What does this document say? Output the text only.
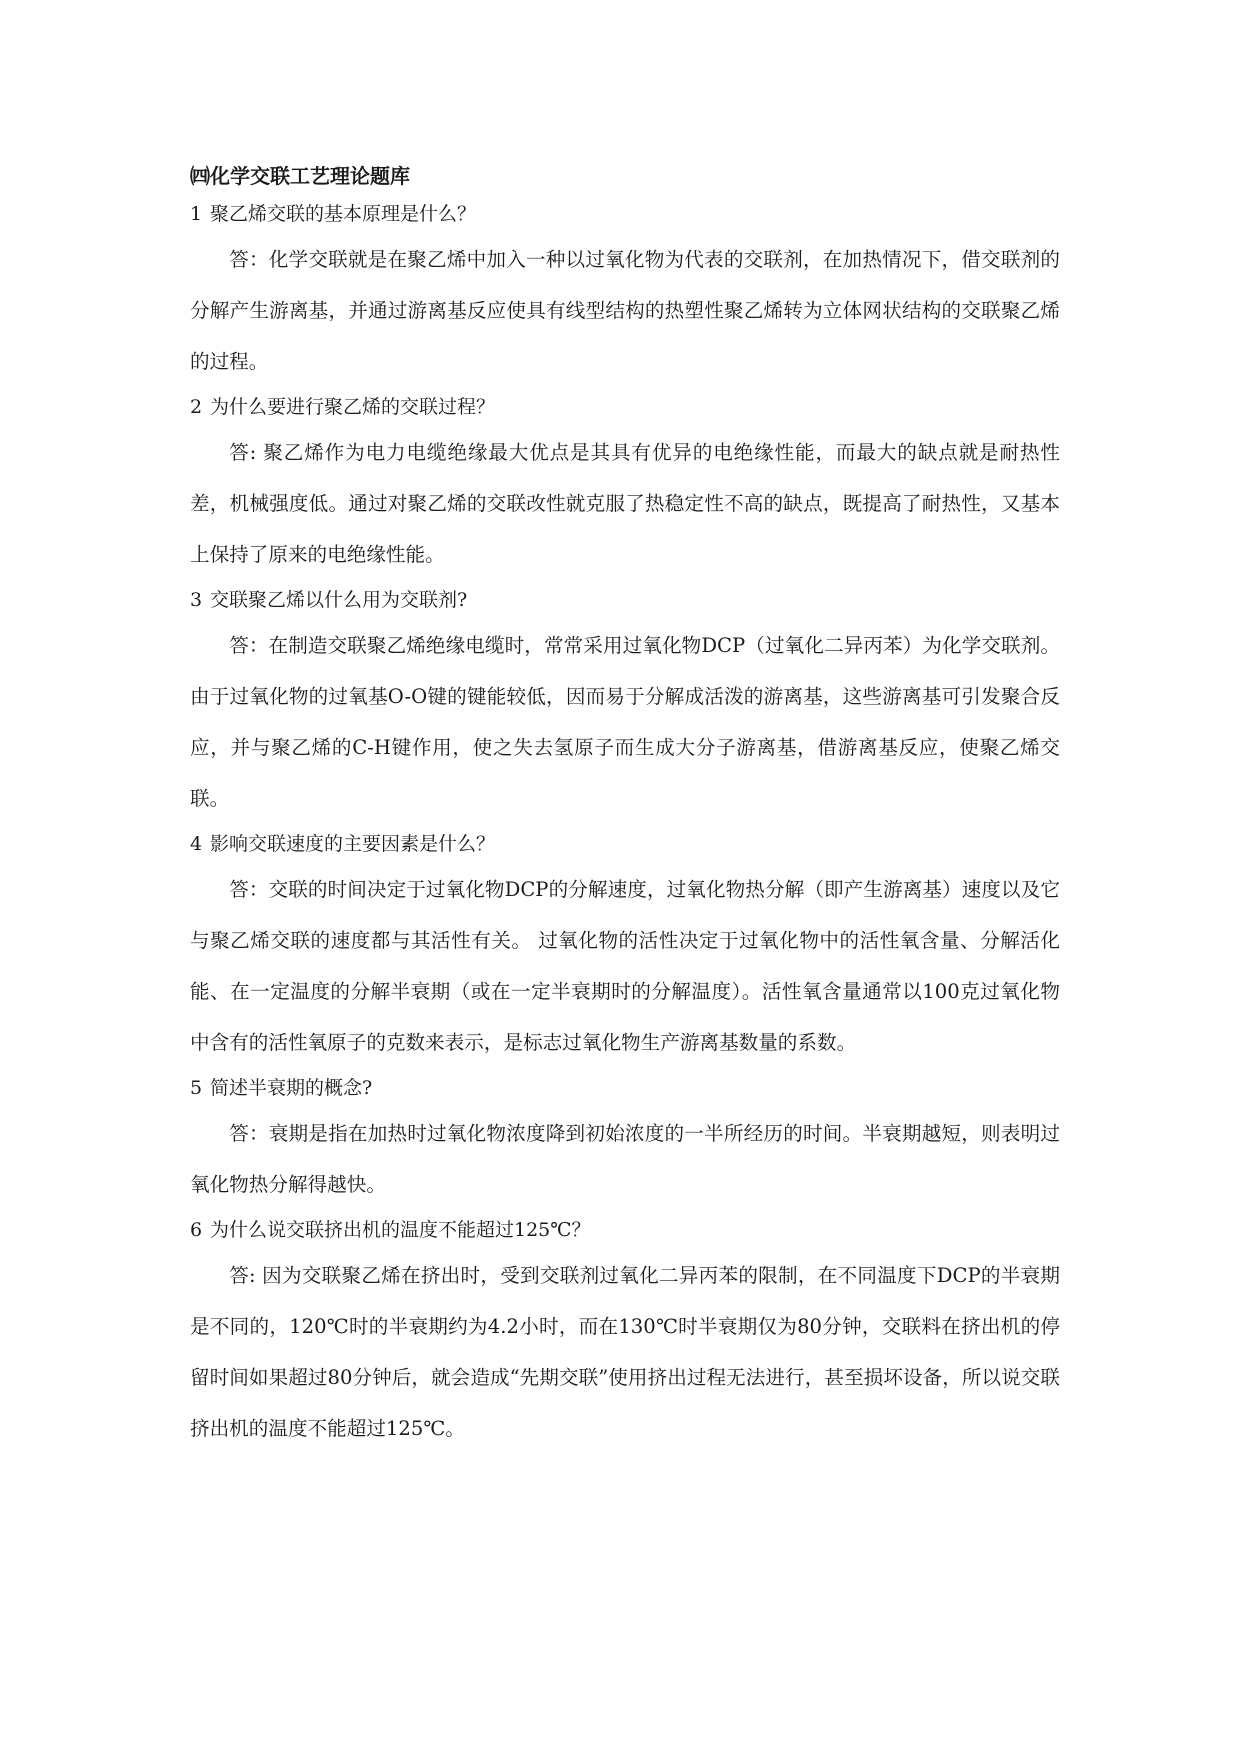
㈣化学交联工艺理论题库

1 聚乙烯交联的基本原理是什么？

答：化学交联就是在聚乙烯中加入一种以过氧化物为代表的交联剂，在加热情况下，借交联剂的分解产生游离基，并通过游离基反应使具有线型结构的热塑性聚乙烯转为立体网状结构的交联聚乙烯的过程。

2 为什么要进行聚乙烯的交联过程？

答: 聚乙烯作为电力电缆绝缘最大优点是其具有优异的电绝缘性能，而最大的缺点就是耐热性差，机械强度低。通过对聚乙烯的交联改性就克服了热稳定性不高的缺点，既提高了耐热性，又基本上保持了原来的电绝缘性能。

3 交联聚乙烯以什么用为交联剂?

答：在制造交联聚乙烯绝缘电缆时，常常采用过氧化物DCP（过氧化二异丙苯）为化学交联剂。由于过氧化物的过氧基O-O键的键能较低，因而易于分解成活泼的游离基，这些游离基可引发聚合反应，并与聚乙烯的C-H键作用，使之失去氢原子而生成大分子游离基，借游离基反应，使聚乙烯交联。

4 影响交联速度的主要因素是什么？

答：交联的时间决定于过氧化物DCP的分解速度，过氧化物热分解（即产生游离基）速度以及它与聚乙烯交联的速度都与其活性有关。 过氧化物的活性决定于过氧化物中的活性氧含量、分解活化能、在一定温度的分解半衰期（或在一定半衰期时的分解温度）。活性氧含量通常以100克过氧化物中含有的活性氧原子的克数来表示，是标志过氧化物生产游离基数量的系数。

5 简述半衰期的概念?

答：衰期是指在加热时过氧化物浓度降到初始浓度的一半所经历的时间。半衰期越短，则表明过氧化物热分解得越快。

6 为什么说交联挤出机的温度不能超过125℃？

答: 因为交联聚乙烯在挤出时，受到交联剂过氧化二异丙苯的限制，在不同温度下DCP的半衰期是不同的，120℃时的半衰期约为4.2小时，而在130℃时半衰期仅为80分钟，交联料在挤出机的停留时间如果超过80分钟后，就会造成“先期交联”使用挤出过程无法进行，甚至损坏设备，所以说交联挤出机的温度不能超过125℃。
